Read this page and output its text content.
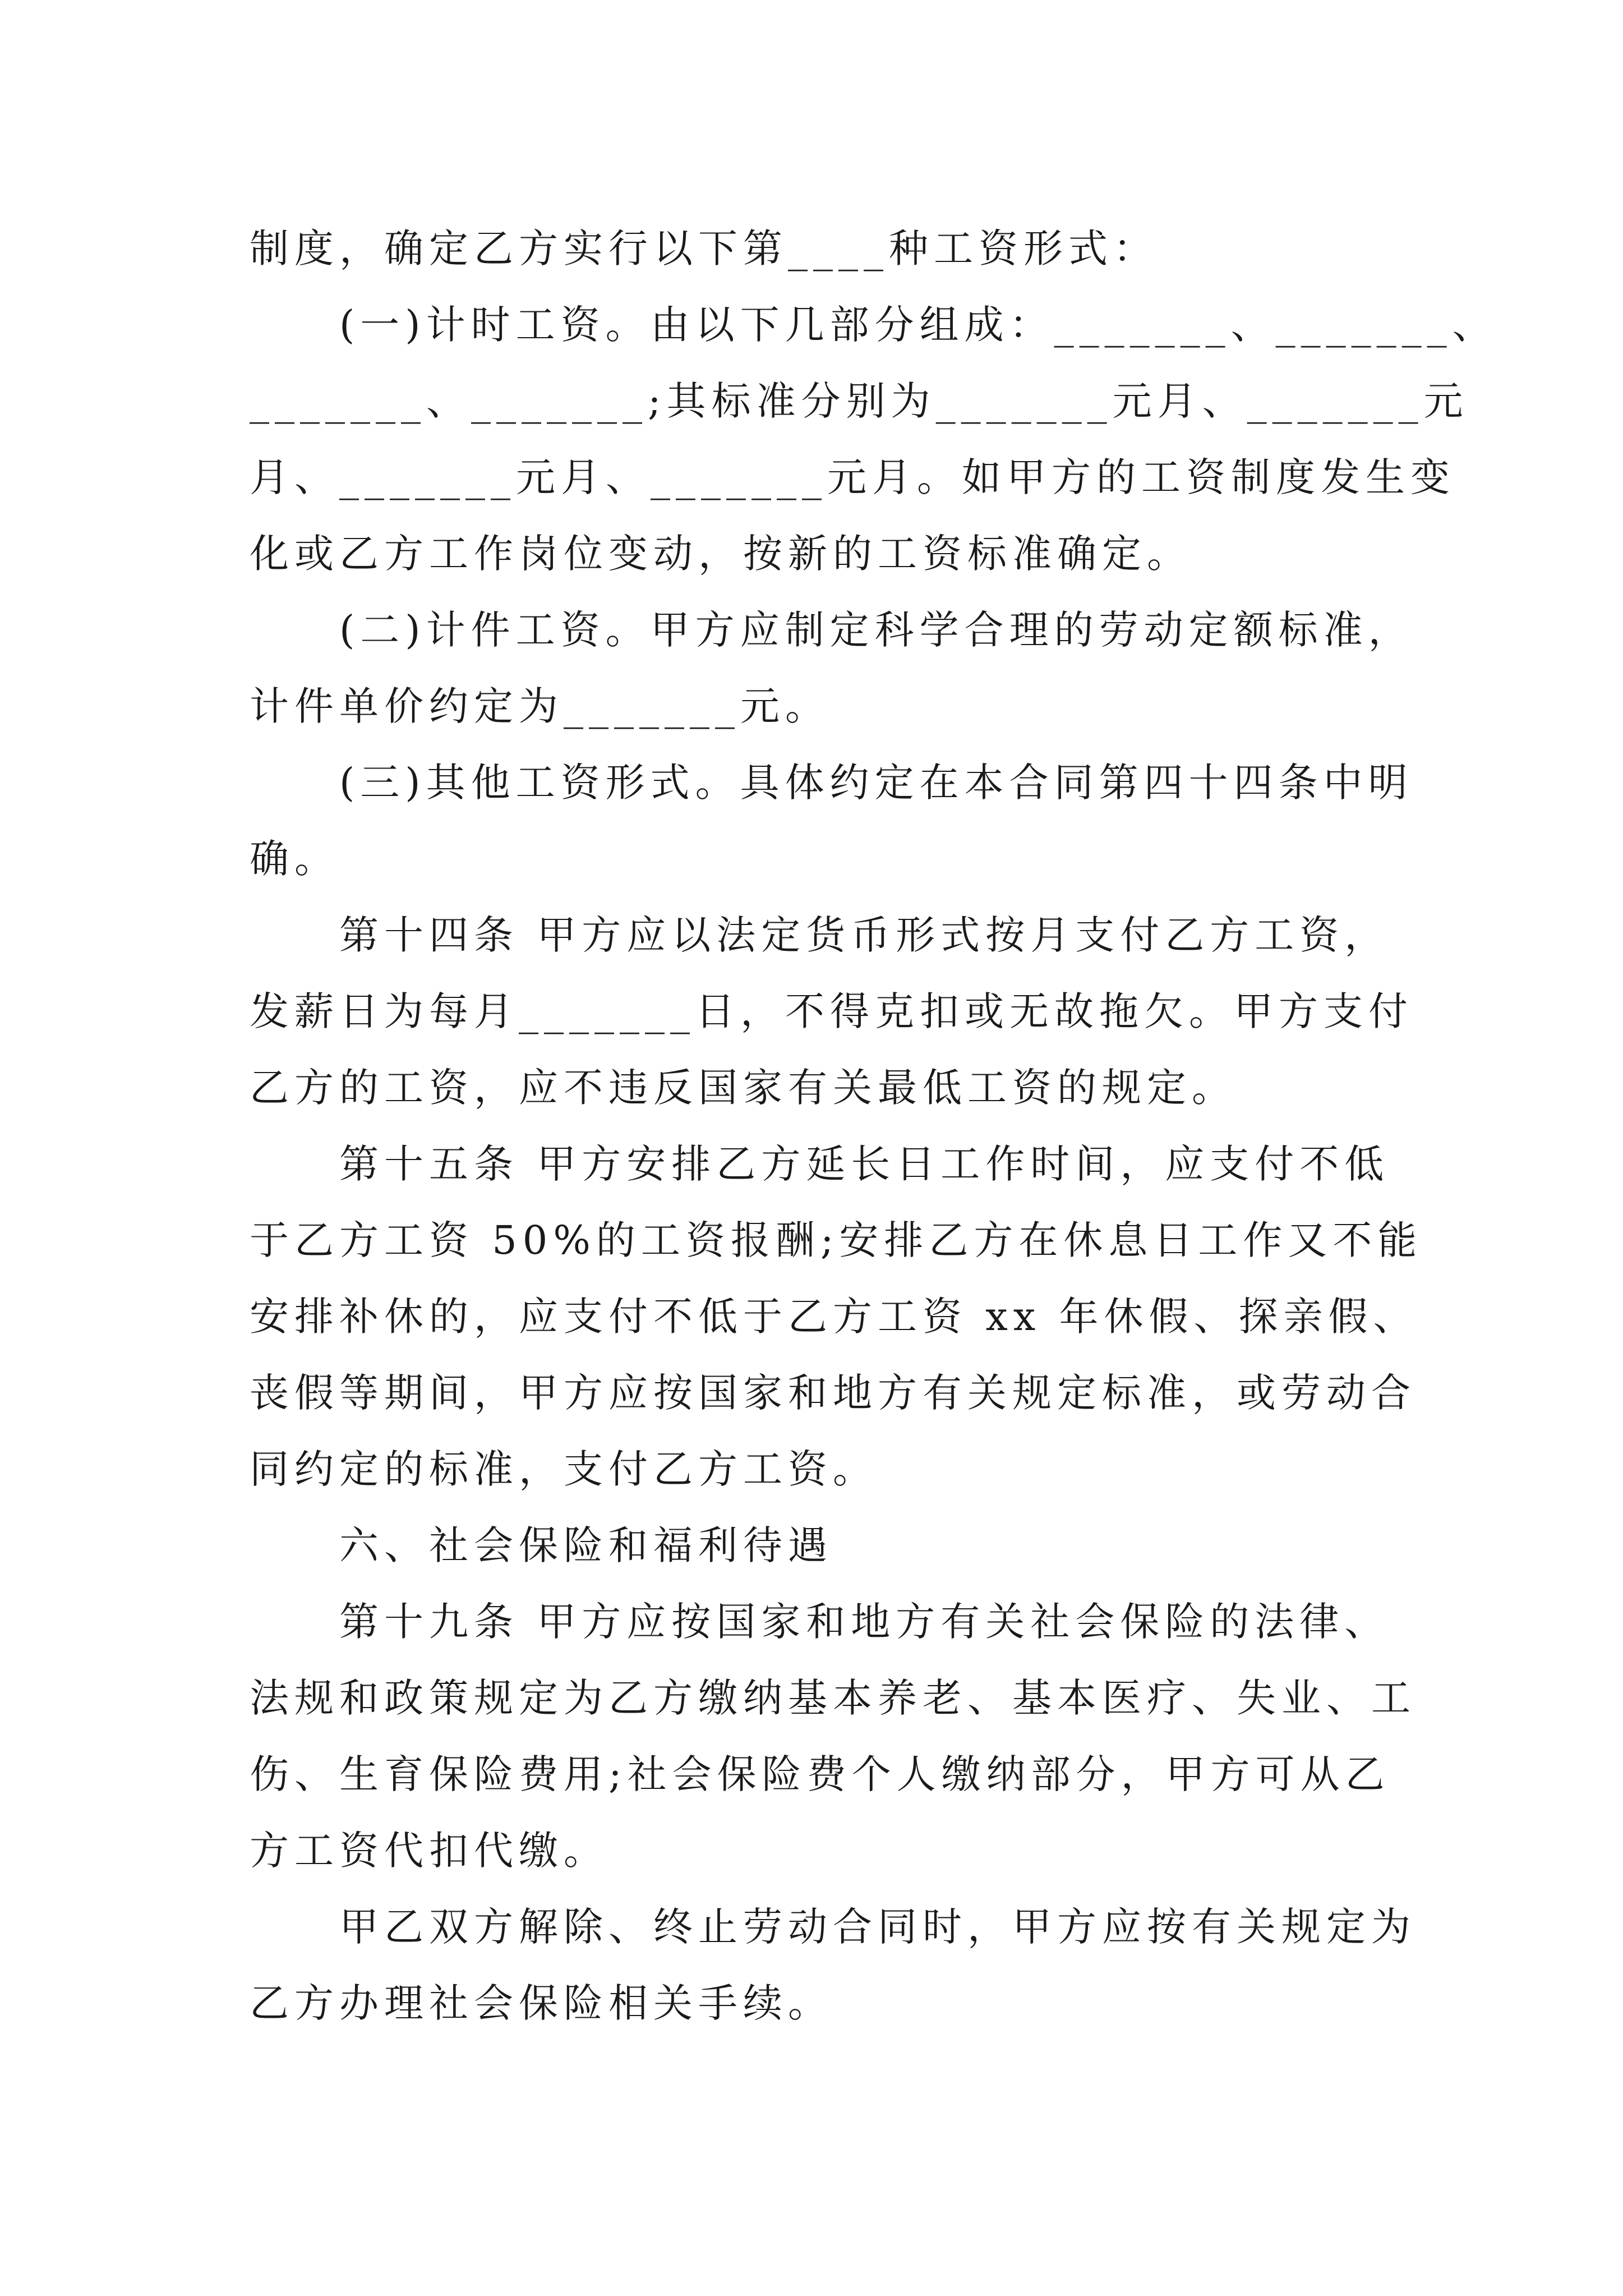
制度，确定乙方实行以下第____种工资形式：
(一)计时工资。由以下几部分组成：_______、_______、
_______、_______;其标准分别为_______元月、_______元
月、_______元月、_______元月。如甲方的工资制度发生变
化或乙方工作岗位变动，按新的工资标准确定。
(二)计件工资。甲方应制定科学合理的劳动定额标准，
计件单价约定为_______元。
(三)其他工资形式。具体约定在本合同第四十四条中明
确。
第十四条 甲方应以法定货币形式按月支付乙方工资，
发薪日为每月_______日，不得克扣或无故拖欠。甲方支付
乙方的工资，应不违反国家有关最低工资的规定。
第十五条 甲方安排乙方延长日工作时间，应支付不低
于乙方工资 50%的工资报酬;安排乙方在休息日工作又不能
安排补休的，应支付不低于乙方工资 xx 年休假、探亲假、
丧假等期间，甲方应按国家和地方有关规定标准，或劳动合
同约定的标准，支付乙方工资。
六、社会保险和福利待遇
第十九条 甲方应按国家和地方有关社会保险的法律、
法规和政策规定为乙方缴纳基本养老、基本医疗、失业、工
伤、生育保险费用;社会保险费个人缴纳部分，甲方可从乙
方工资代扣代缴。
甲乙双方解除、终止劳动合同时，甲方应按有关规定为
乙方办理社会保险相关手续。
